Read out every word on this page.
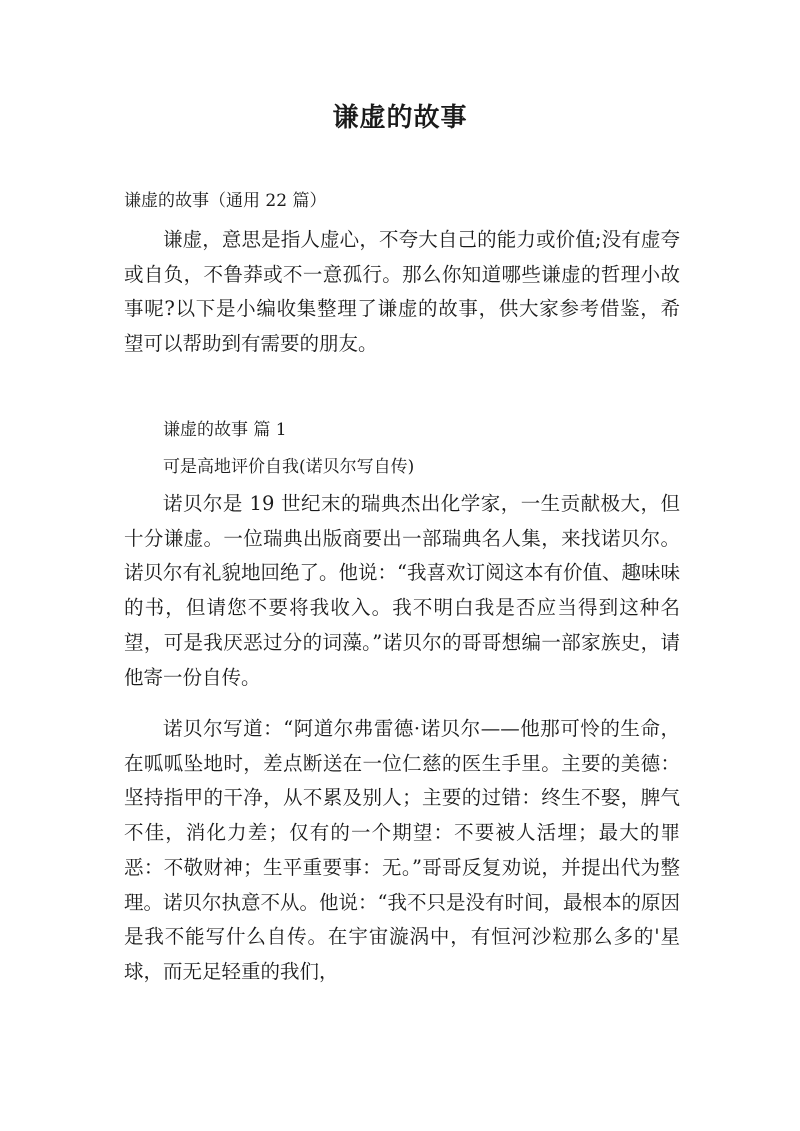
谦虚的故事

谦虚的故事（通用 22 篇）

谦虚，意思是指人虚心，不夸大自己的能力或价值;没有虚夸或自负，不鲁莽或不一意孤行。那么你知道哪些谦虚的哲理小故事呢?以下是小编收集整理了谦虚的故事，供大家参考借鉴，希望可以帮助到有需要的朋友。

谦虚的故事 篇 1

可是高地评价自我(诺贝尔写自传)

诺贝尔是 19 世纪末的瑞典杰出化学家，一生贡献极大，但十分谦虚。一位瑞典出版商要出一部瑞典名人集，来找诺贝尔。诺贝尔有礼貌地回绝了。他说：“我喜欢订阅这本有价值、趣味味的书，但请您不要将我收入。我不明白我是否应当得到这种名望，可是我厌恶过分的词藻。”诺贝尔的哥哥想编一部家族史，请他寄一份自传。

诺贝尔写道：“阿道尔弗雷德·诺贝尔——他那可怜的生命，在呱呱坠地时，差点断送在一位仁慈的医生手里。主要的美德：坚持指甲的干净，从不累及别人；主要的过错：终生不娶，脾气不佳，消化力差；仅有的一个期望：不要被人活埋；最大的罪恶：不敬财神；生平重要事：无。”哥哥反复劝说，并提出代为整理。诺贝尔执意不从。他说：“我不只是没有时间，最根本的原因是我不能写什么自传。在宇宙漩涡中，有恒河沙粒那么多的'星球，而无足轻重的我们，
